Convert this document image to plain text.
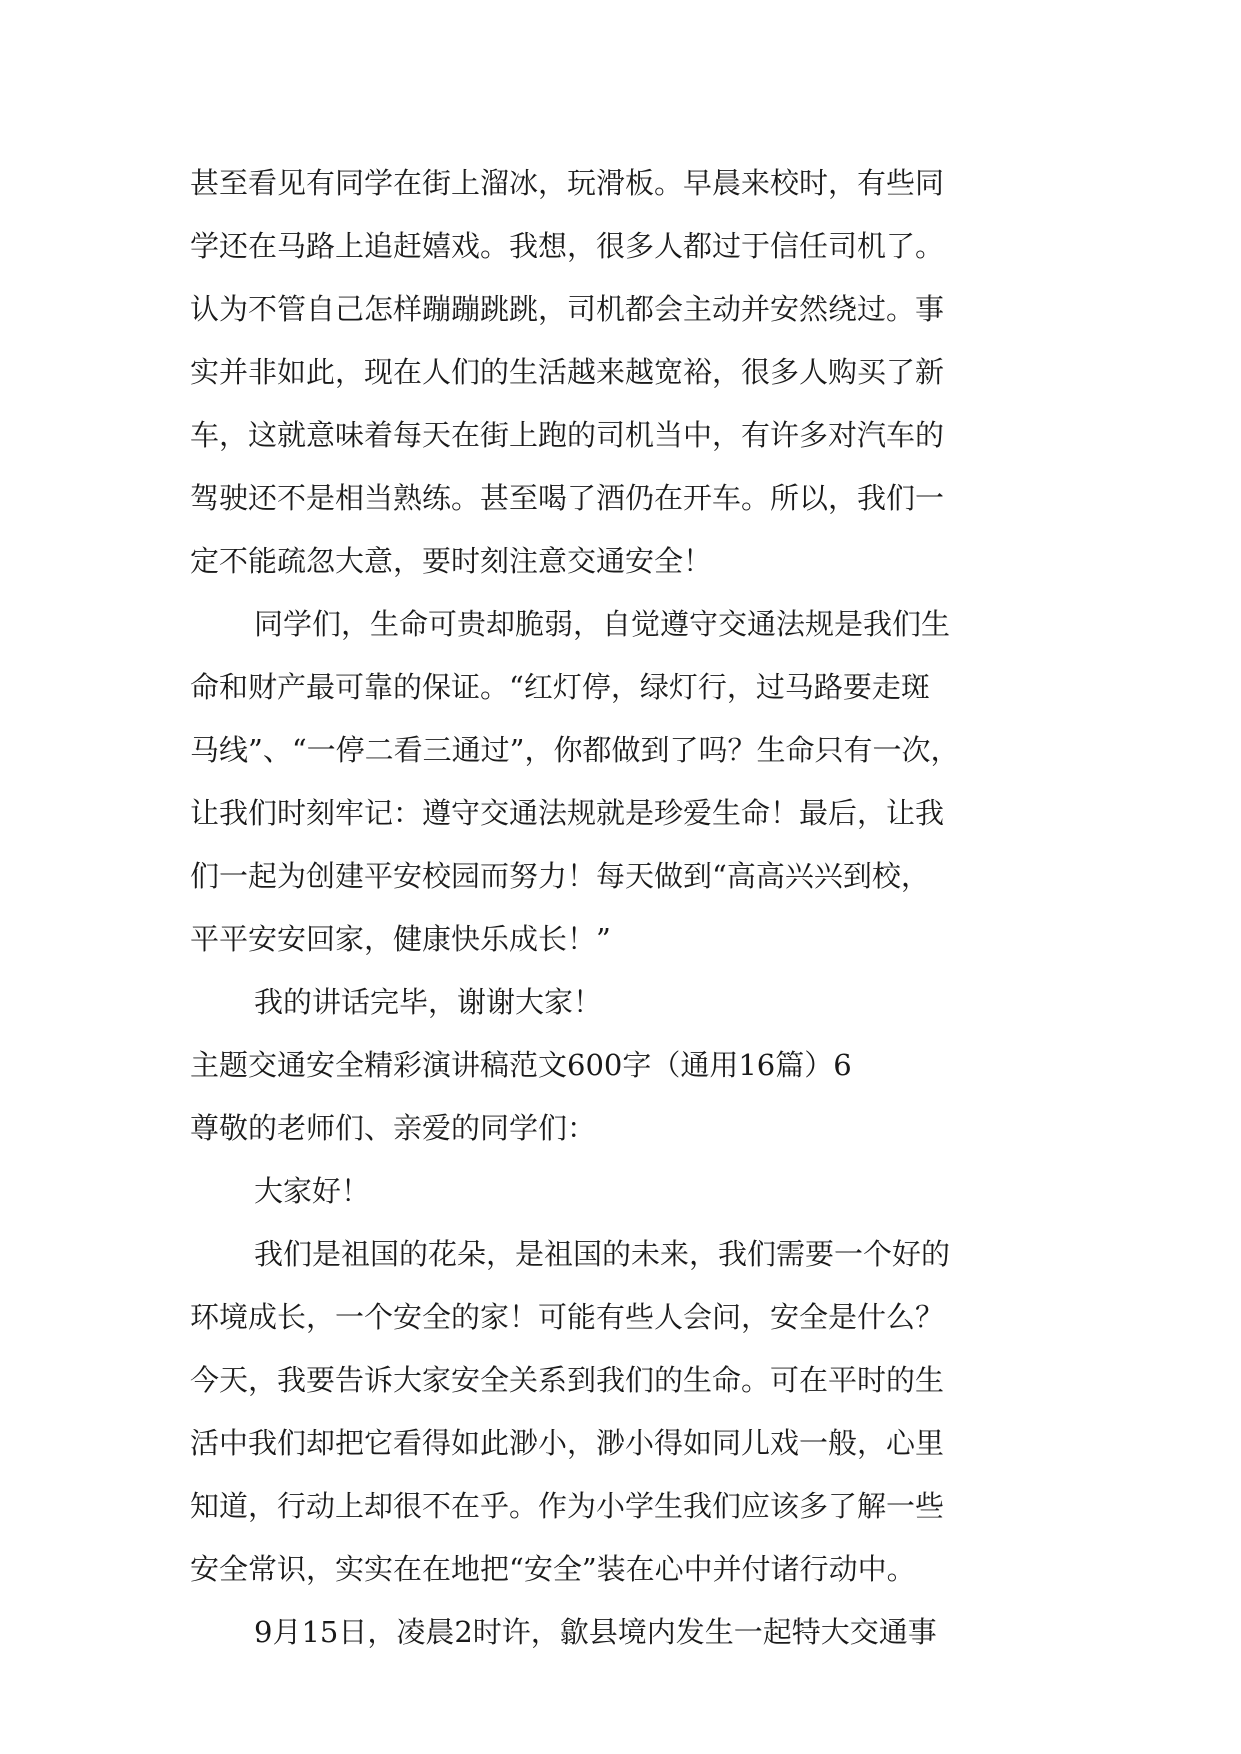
甚至看见有同学在街上溜冰，玩滑板。早晨来校时，有些同
学还在马路上追赶嬉戏。我想，很多人都过于信任司机了。
认为不管自己怎样蹦蹦跳跳，司机都会主动并安然绕过。事
实并非如此，现在人们的生活越来越宽裕，很多人购买了新
车，这就意味着每天在街上跑的司机当中，有许多对汽车的
驾驶还不是相当熟练。甚至喝了酒仍在开车。所以，我们一
定不能疏忽大意，要时刻注意交通安全！
同学们，生命可贵却脆弱，自觉遵守交通法规是我们生
命和财产最可靠的保证。“红灯停，绿灯行，过马路要走斑
马线”、“一停二看三通过”，你都做到了吗？生命只有一次，
让我们时刻牢记：遵守交通法规就是珍爱生命！最后，让我
们一起为创建平安校园而努力！每天做到“高高兴兴到校，
平平安安回家，健康快乐成长！”
我的讲话完毕，谢谢大家！
主题交通安全精彩演讲稿范文600字（通用16篇）6
尊敬的老师们、亲爱的同学们：
大家好！
我们是祖国的花朵，是祖国的未来，我们需要一个好的
环境成长，一个安全的家！可能有些人会问，安全是什么？
今天，我要告诉大家安全关系到我们的生命。可在平时的生
活中我们却把它看得如此渺小，渺小得如同儿戏一般，心里
知道，行动上却很不在乎。作为小学生我们应该多了解一些
安全常识，实实在在地把“安全”装在心中并付诸行动中。
9月15日，凌晨2时许，歙县境内发生一起特大交通事
